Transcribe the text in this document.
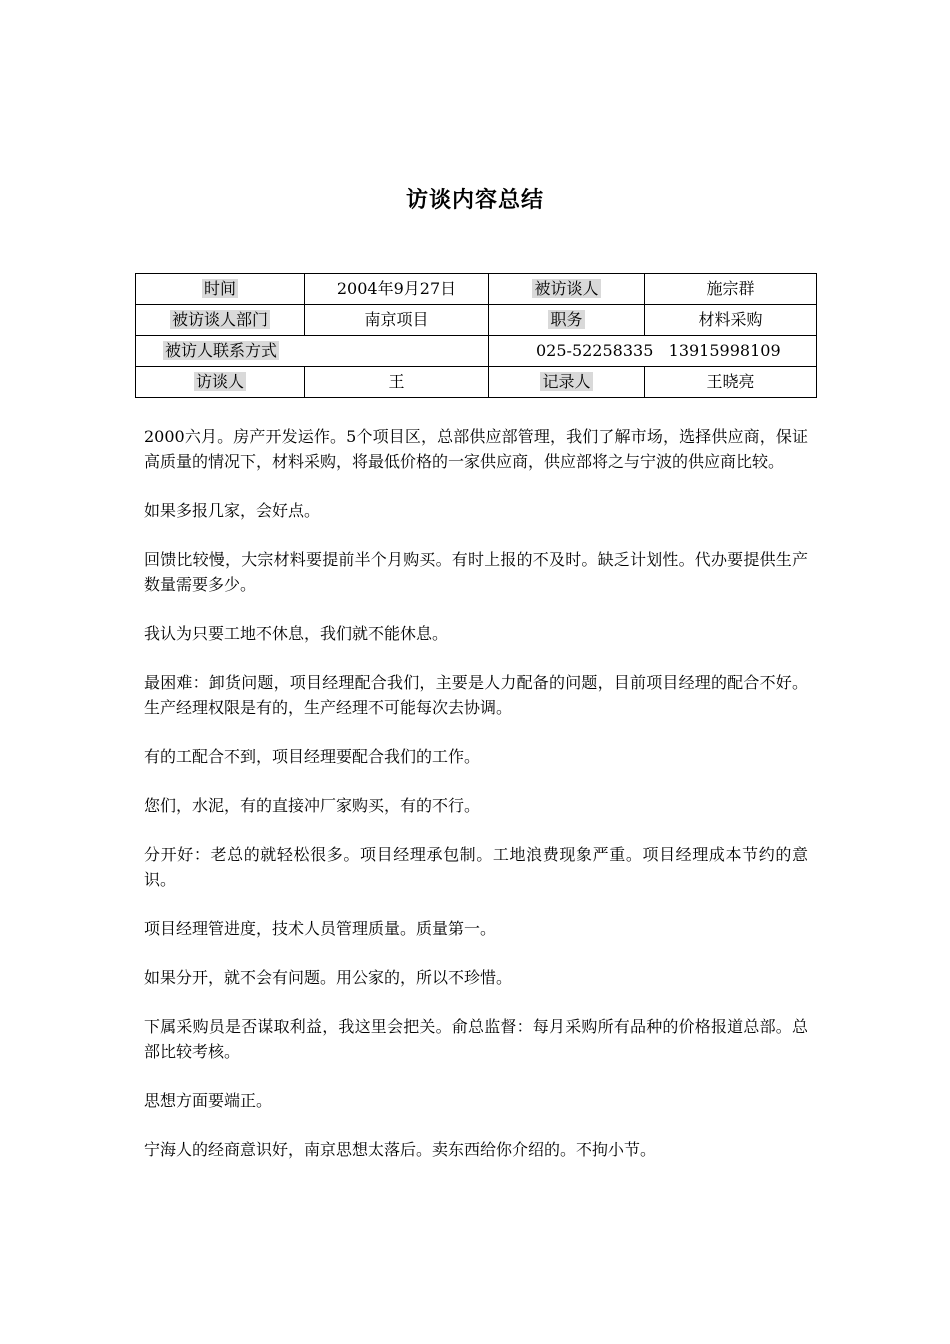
访谈内容总结
时间	2004年9月27日	被访谈人	施宗群
被访谈人部门	南京项目	职务	材料采购
被访人联系方式		025-52258335   13915998109	
访谈人	王	记录人	王晓亮

2000六月。房产开发运作。5个项目区，总部供应部管理，我们了解市场，选择供应商，保证高质量的情况下，材料采购，将最低价格的一家供应商，供应部将之与宁波的供应商比较。

如果多报几家，会好点。

回馈比较慢，大宗材料要提前半个月购买。有时上报的不及时。缺乏计划性。代办要提供生产数量需要多少。

我认为只要工地不休息，我们就不能休息。

最困难：卸货问题，项目经理配合我们，主要是人力配备的问题，目前项目经理的配合不好。生产经理权限是有的，生产经理不可能每次去协调。

有的工配合不到，项目经理要配合我们的工作。

您们，水泥，有的直接冲厂家购买，有的不行。

分开好：老总的就轻松很多。项目经理承包制。工地浪费现象严重。项目经理成本节约的意识。

项目经理管进度，技术人员管理质量。质量第一。

如果分开，就不会有问题。用公家的，所以不珍惜。

下属采购员是否谋取利益，我这里会把关。俞总监督：每月采购所有品种的价格报道总部。总部比较考核。

思想方面要端正。

宁海人的经商意识好，南京思想太落后。卖东西给你介绍的。不拘小节。
